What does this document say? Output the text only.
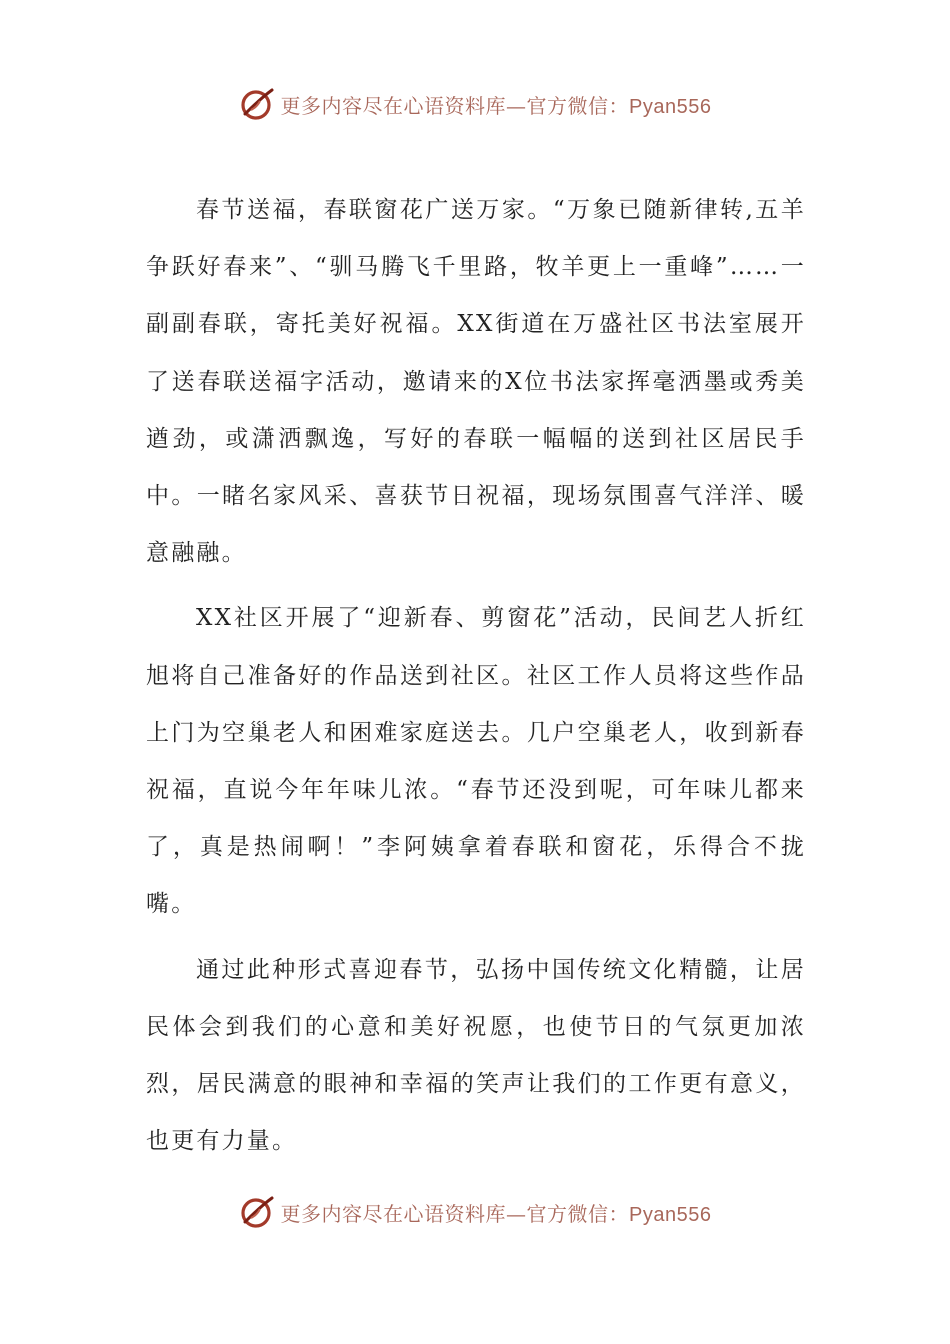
更多内容尽在心语资料库—官方微信：Pyan556

春节送福，春联窗花广送万家。“万象已随新律转,五羊争跃好春来”、“驯马腾飞千里路，牧羊更上一重峰”……一副副春联，寄托美好祝福。XX街道在万盛社区书法室展开了送春联送福字活动，邀请来的X位书法家挥毫洒墨或秀美遒劲，或潇洒飘逸，写好的春联一幅幅的送到社区居民手中。一睹名家风采、喜获节日祝福，现场氛围喜气洋洋、暖意融融。

XX社区开展了“迎新春、剪窗花”活动，民间艺人折红旭将自己准备好的作品送到社区。社区工作人员将这些作品上门为空巢老人和困难家庭送去。几户空巢老人，收到新春祝福，直说今年年味儿浓。“春节还没到呢，可年味儿都来了，真是热闹啊！”李阿姨拿着春联和窗花，乐得合不拢嘴。

通过此种形式喜迎春节，弘扬中国传统文化精髓，让居民体会到我们的心意和美好祝愿，也使节日的气氛更加浓烈，居民满意的眼神和幸福的笑声让我们的工作更有意义，也更有力量。

更多内容尽在心语资料库—官方微信：Pyan556
